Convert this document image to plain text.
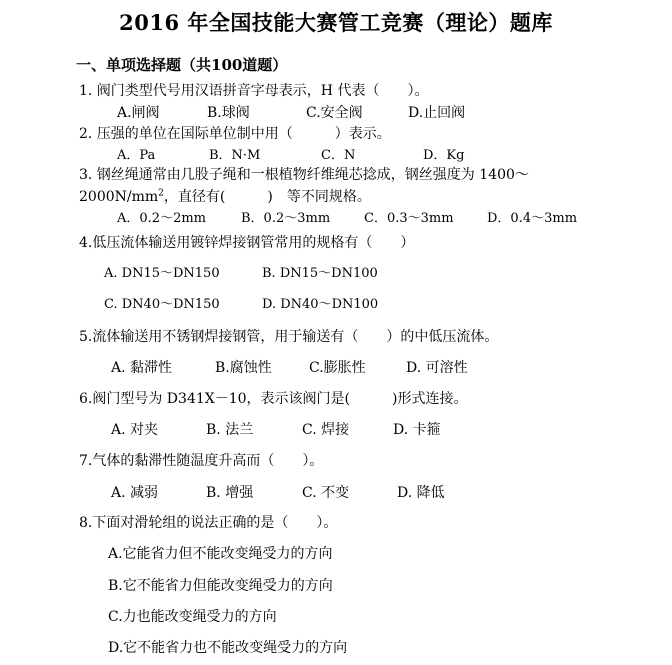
2016 年全国技能大赛管工竞赛（理论）题库
一、单项选择题（共100道题）
1. 阀门类型代号用汉语拼音字母表示，H 代表（　　）。
A.闸阀	B.球阀	C.安全阀	D.止回阀
2. 压强的单位在国际单位制中用（　　　）表示。
A．Pa	B．N·M	C．N	D．Kg
3. 钢丝绳通常由几股子绳和一根植物纤维绳芯捻成，钢丝强度为 1400～
$2000N/mm^2$，直径有(　　　)　等不同规格。
A．0.2～2mm	B．0.2～3mm	C．0.3～3mm	D．0.4～3mm
4.低压流体输送用镀锌焊接钢管常用的规格有（　　）
A. DN15～DN150	B. DN15～DN100
C. DN40～DN150	D. DN40～DN100
5.流体输送用不锈钢焊接钢管，用于输送有（　　）的中低压流体。
A. 黏滞性	B.腐蚀性	C.膨胀性	D. 可溶性
6.阀门型号为 D341X－10，表示该阀门是(　　　)形式连接。
A. 对夹	B. 法兰	C. 焊接	D. 卡箍
7.气体的黏滞性随温度升高而（　　）。
A. 减弱	B. 增强	C. 不变	D. 降低
8.下面对滑轮组的说法正确的是（　　）。
A.它能省力但不能改变绳受力的方向
B.它不能省力但能改变绳受力的方向
C.力也能改变绳受力的方向
D.它不能省力也不能改变绳受力的方向
